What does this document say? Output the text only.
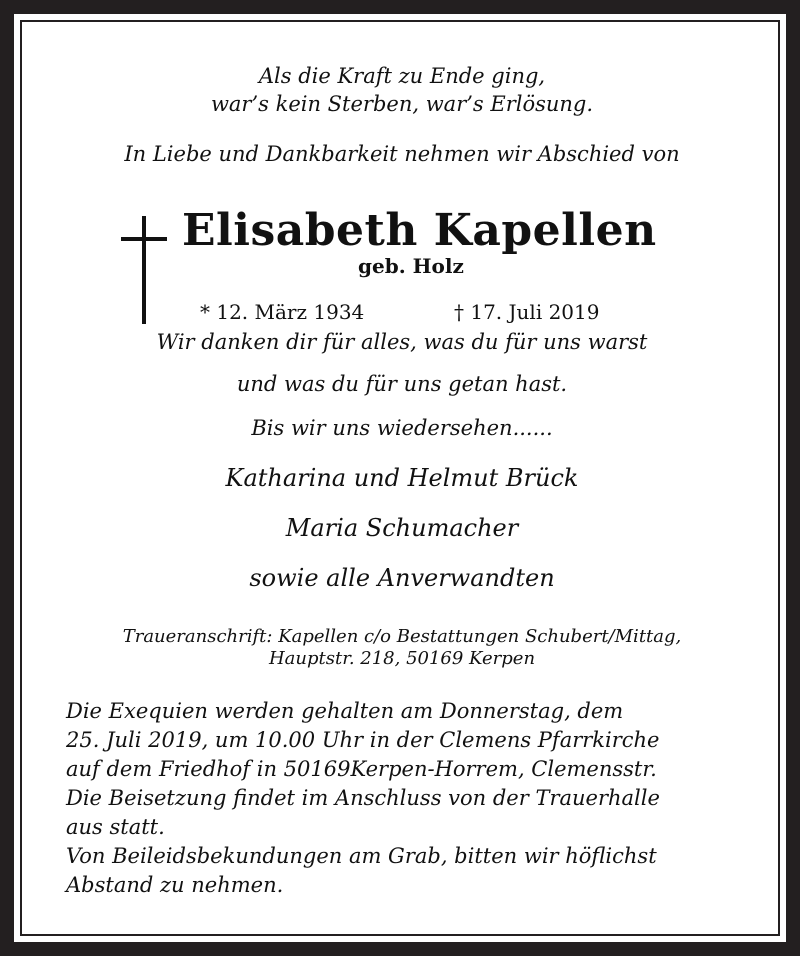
Als die Kraft zu Ende ging,
war’s kein Sterben, war’s Erlösung.
In Liebe und Dankbarkeit nehmen wir Abschied von
Elisabeth Kapellen
geb. Holz
* 12. März 1934	† 17. Juli 2019
Wir danken dir für alles, was du für uns warst
und was du für uns getan hast.
Bis wir uns wiedersehen......
Katharina und Helmut Brück
Maria Schumacher
sowie alle Anverwandten
Traueranschrift: Kapellen c/o Bestattungen Schubert/Mittag,
Hauptstr. 218, 50169 Kerpen
Die Exequien werden gehalten am Donnerstag, dem
25. Juli 2019, um 10.00 Uhr in der Clemens Pfarrkirche
auf dem Friedhof in 50169Kerpen-Horrem, Clemensstr.
Die Beisetzung findet im Anschluss von der Trauerhalle
aus statt.
Von Beileidsbekundungen am Grab, bitten wir höflichst
Abstand zu nehmen.
